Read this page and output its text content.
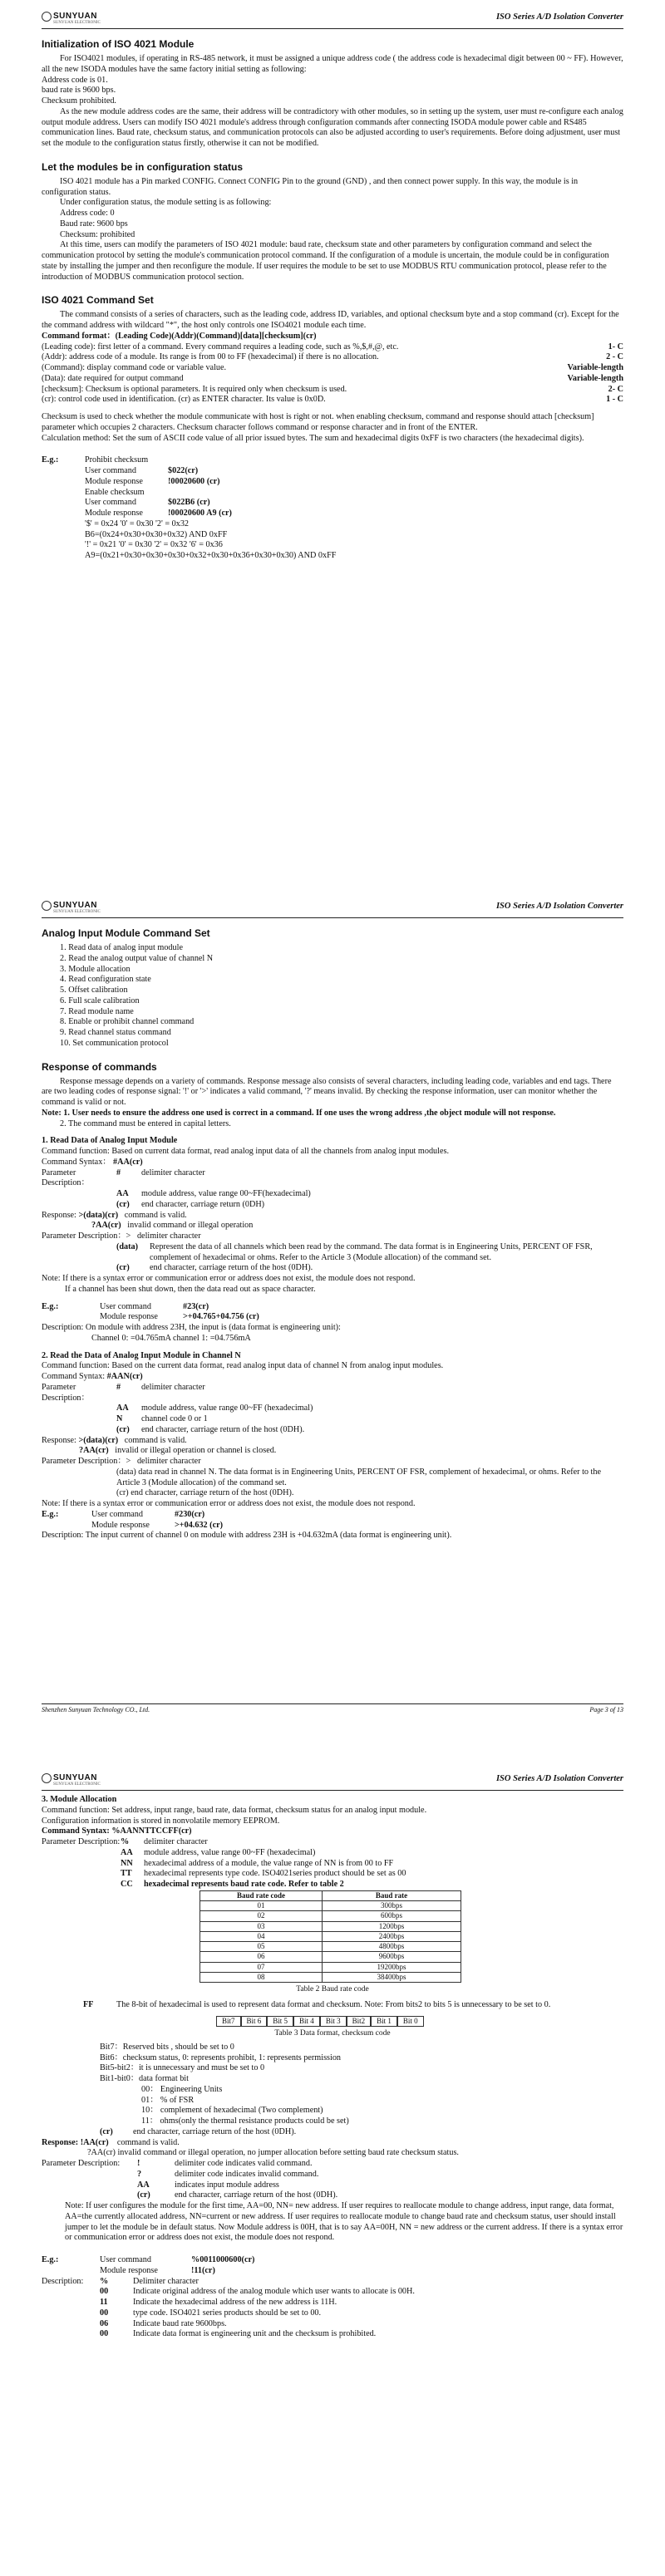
SUNYUAN
SUNYUAN ELECTRONIC
ISO Series A/D Isolation Converter
Initialization of ISO 4021 Module

For ISO4021 modules, if operating in RS-485 network, it must be assigned a unique address code ( the address code is hexadecimal digit between 00 ~ FF). However, all the new ISODA modules have the same factory initial setting as following:

Address code is 01.

baud rate is 9600 bps.

Checksum prohibited.

As the new module address codes are the same, their address will be contradictory with other modules, so in setting up the system, user must re-configure each analog output module address. Users can modify ISO 4021 module's address through configuration commands after connecting ISODA module power cable and RS485 communication lines. Baud rate, checksum status, and communication protocols can also be adjusted according to user's requirements. Before doing adjustment, user must set the module to the configuration status firstly, otherwise it can not be modified.

Let the modules be in configuration status

ISO 4021 module has a Pin marked CONFIG. Connect CONFIG Pin to the ground (GND) , and then connect power supply. In this way, the module is in configuration status.

Under configuration status, the module setting is as following:

Address code: 0

Baud rate: 9600 bps

Checksum: prohibited

At this time, users can modify the parameters of ISO 4021 module: baud rate, checksum state and other parameters by configuration command and select the communication protocol by setting the module's communication protocol command. If the configuration of a module is uncertain, the module could be in configuration state by installing the jumper and then reconfigure the module. If user requires the module to be set to use MODBUS RTU communication protocol, please refer to the introduction of MODBUS communication protocol section.

ISO 4021 Command Set

The command consists of a series of characters, such as the leading code, address ID, variables, and optional checksum byte and a stop command (cr). Except for the the command address with wildcard "*", the host only controls one ISO4021 module each time.

Command format：(Leading Code)(Addr)(Command)[data][checksum](cr)

(Leading code): first letter of a command. Every command requires a leading code, such as %,$,#,@, etc.	1- C
(Addr): address code of a module. Its range is from 00 to FF (hexadecimal) if there is no allocation.	2 - C
(Command): display command code or variable value.	Variable-length
(Data): date required for output command	Variable-length
[checksum]: Checksum is optional parameters. It is required only when checksum is used.	2- C
(cr): control code used in identification. (cr) as ENTER character. Its value is 0x0D.	1 - C

Checksum is used to check whether the module communicate with host is right or not. when enabling checksum, command and response should attach [checksum] parameter which occupies 2 characters. Checksum character follows command or response character and in front of the ENTER.

Calculation method: Set the sum of ASCII code value of all prior issued bytes. The sum and hexadecimal digits 0xFF is two characters (the hexadecimal digits).

E.g.:	Prohibit checksum
User command	$022(cr)
Module response	!00020600 (cr)
Enable checksum
User command	$022B6 (cr)
Module response	!00020600 A9 (cr)
'$' = 0x24 '0' = 0x30 '2' = 0x32
B6=(0x24+0x30+0x30+0x32) AND 0xFF
'!' = 0x21 '0' = 0x30 '2' = 0x32 '6' = 0x36
A9=(0x21+0x30+0x30+0x30+0x32+0x30+0x36+0x30+0x30) AND 0xFF
SUNYUAN
SUNYUAN ELECTRONIC
ISO Series A/D Isolation Converter
Analog Input Module Command Set

1. Read data of analog input module

2. Read the analog output value of channel N

3. Module allocation

4. Read configuration state

5. Offset calibration

6. Full scale calibration

7. Read module name

8. Enable or prohibit channel command

9. Read channel status command

10. Set communication protocol

Response of commands

Response message depends on a variety of commands. Response message also consists of several characters, including leading code, variables and end tags. There are two leading codes of response signal: '!' or '>' indicates a valid command, '?' means invalid. By checking the response information, user can monitor whether the command is valid or not.

Note: 1. User needs to ensure the address one used is correct in a command. If one uses the wrong address ,the object module will not response.

2. The command must be entered in capital letters.

1. Read Data of Analog Input Module

Command function: Based on current data format, read analog input data of all the channels from analog input modules.

Command Syntax： #AA(cr)

Parameter Description：
#	delimiter character
AA	module address, value range 00~FF(hexadecimal)
(cr)	end character, carriage return (0DH)

Response: >(data)(cr) command is valid.

?AA(cr) invalid command or illegal operation

Parameter Description：> delimiter character

(data)	Represent the data of all channels which been read by the command. The data format is in Engineering Units, PERCENT OF FSR, complement of hexadecimal or ohms. Refer to the Article 3 (Module allocation) of the command set.
(cr)	end character, carriage return of the host (0DH).

Note: If there is a syntax error or communication error or address does not exist, the module does not respond.

If a channel has been shut down, then the data read out as space character.

E.g.:	User command	#23(cr)
Module response	>+04.765+04.756 (cr)

Description: On module with address 23H, the input is (data format is engineering unit):

Channel 0: =04.765mA channel 1: =04.756mA

2. Read the Data of Analog Input Module in Channel N

Command function: Based on the current data format, read analog input data of channel N from analog input modules.

Command Syntax: #AAN(cr)

Parameter Description：
#	delimiter character
AA	module address, value range 00~FF (hexadecimal)
N	channel code 0 or 1
(cr)	end character, carriage return of the host (0DH).

Response: >(data)(cr) command is valid.

?AA(cr) invalid or illegal operation or channel is closed.

Parameter Description：> delimiter character

(data) data read in channel N. The data format is in Engineering Units, PERCENT OF FSR, complement of hexadecimal, or ohms. Refer to the Article 3 (Module allocation) of the command set.

(cr) end character, carriage return of the host (0DH).

Note: If there is a syntax error or communication error or address does not exist, the module does not respond.

E.g.:	User command	#230(cr)
Module response	>+04.632 (cr)

Description: The input current of channel 0 on module with address 23H is +04.632mA (data format is engineering unit).

Shenzhen Sunyuan Technology CO., Ltd.	Page 3 of 13
SUNYUAN
SUNYUAN ELECTRONIC
ISO Series A/D Isolation Converter

3. Module Allocation

Command function: Set address, input range, baud rate, data format, checksum status for an analog input module.

Configuration information is stored in nonvolatile memory EEPROM.

Command Syntax: %AANNTTCCFF(cr)

Parameter Description: %	delimiter character
AA	module address, value range 00~FF (hexadecimal)
NN	hexadecimal address of a module, the value range of NN is from 00 to FF
TT	hexadecimal represents type code. ISO4021series product should be set as 00
CC	hexadecimal represents baud rate code. Refer to table 2
Baud rate code	Baud rate
01	300bps
02	600bps
03	1200bps
04	2400bps
05	4800bps
06	9600bps
07	19200bps
08	38400bps

Table 2 Baud rate code

FF	The 8-bit of hexadecimal is used to represent data format and checksum. Note: From bits2 to bits 5 is unnecessary to be set to 0.
Bit7	Bit 6	Bit 5	Bit 4	Bit 3	Bit2	Bit 1	Bit 0

Table 3 Data format, checksum code

Bit7：Reserved bits , should be set to 0

Bit6：checksum status, 0: represents prohibit, 1: represents permission

Bit5-bit2：it is unnecessary and must be set to 0

Bit1-bit0：data format bit

00： Engineering Units

01： % of FSR

10： complement of hexadecimal (Two complement)

11： ohms(only the thermal resistance products could be set)

(cr)	end character, carriage return of the host (0DH).

Response: !AA(cr) command is valid.

?AA(cr) invalid command or illegal operation, no jumper allocation before setting baud rate checksum status.

Parameter Description:	!	delimiter code indicates valid command.
?	delimiter code indicates invalid command.
AA	indicates input module address
(cr)	end character, carriage return of the host (0DH).

Note: If user configures the module for the first time, AA=00, NN= new address. If user requires to reallocate module to change address, input range, data format, AA=the currently allocated address, NN=current or new address. If user requires to reallocate module to change baud rate and checksum status, user should install jumper to let the module be in default status. Now Module address is 00H, that is to say AA=00H, NN = new address or the current address. If there is a syntax error or communication error or address does not exist, the module does not respond.

E.g.:	User command	%0011000600(cr)
Module response	!11(cr)
Description:	%	Delimiter character
00	Indicate original address of the analog module which user wants to allocate is 00H.
11	Indicate the hexadecimal address of the new address is 11H.
00	type code. ISO4021 series products should be set to 00.
06	Indicate baud rate 9600bps.
00	Indicate data format is engineering unit and the checksum is prohibited.
